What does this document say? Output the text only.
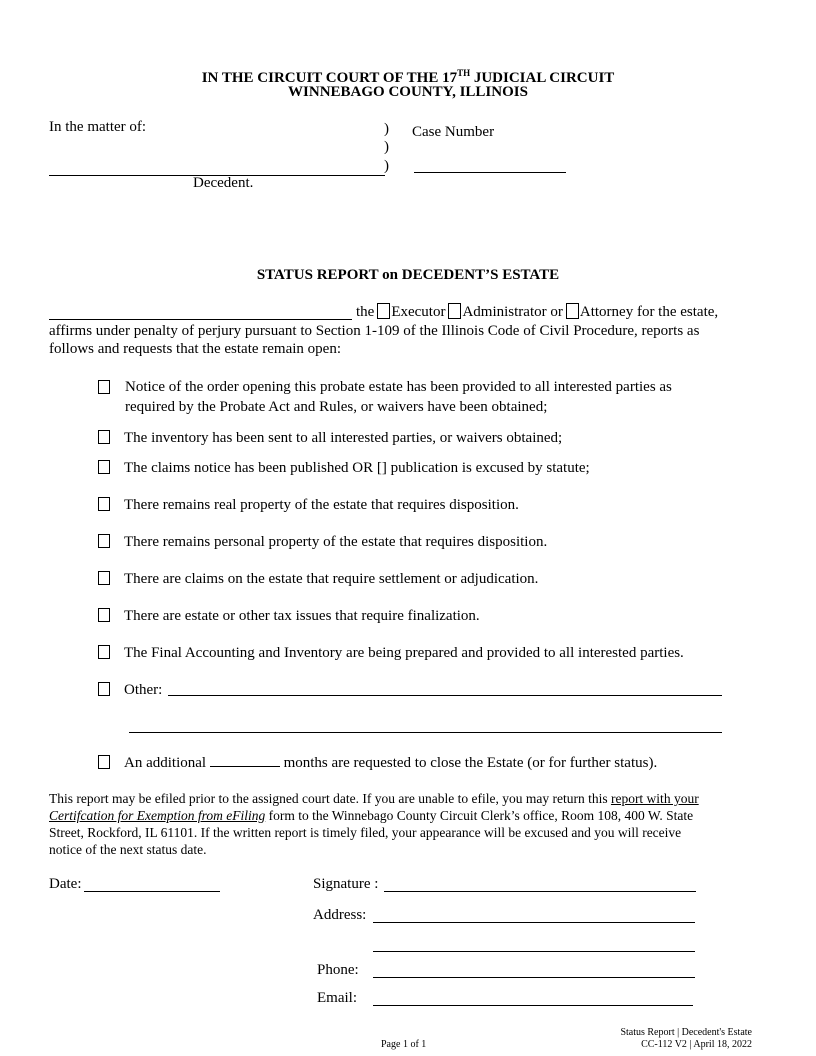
IN THE CIRCUIT COURT OF THE 17TH JUDICIAL CIRCUIT
WINNEBAGO COUNTY, ILLINOIS
In the matter of:	)
)
)
Case Number
Decedent.
STATUS REPORT on DECEDENT’S ESTATE
the Executor Administrator or Attorney for the estate,
affirms under penalty of perjury pursuant to Section 1-109 of the Illinois Code of Civil Procedure, reports as
follows and requests that the estate remain open:
Notice of the order opening this probate estate has been provided to all interested parties as
required by the Probate Act and Rules, or waivers have been obtained;
The inventory has been sent to all interested parties, or waivers obtained;
The claims notice has been published OR [] publication is excused by statute;
There remains real property of the estate that requires disposition.
There remains personal property of the estate that requires disposition.
There are claims on the estate that require settlement or adjudication.
There are estate or other tax issues that require finalization.
The Final Accounting and Inventory are being prepared and provided to all interested parties.
Other:
An additional	months are requested to close the Estate (or for further status).
This report may be efiled prior to the assigned court date. If you are unable to efile, you may return this report with your
Certifcation for Exemption from eFiling form to the Winnebago County Circuit Clerk’s office, Room 108, 400 W. State
Street, Rockford, IL 61101. If the written report is timely filed, your appearance will be excused and you will receive
notice of the next status date.
Date:	Signature :
Address:
Phone:
Email:
Page 1 of 1
Status Report | Decedent's Estate
CC-112 V2 | April 18, 2022
